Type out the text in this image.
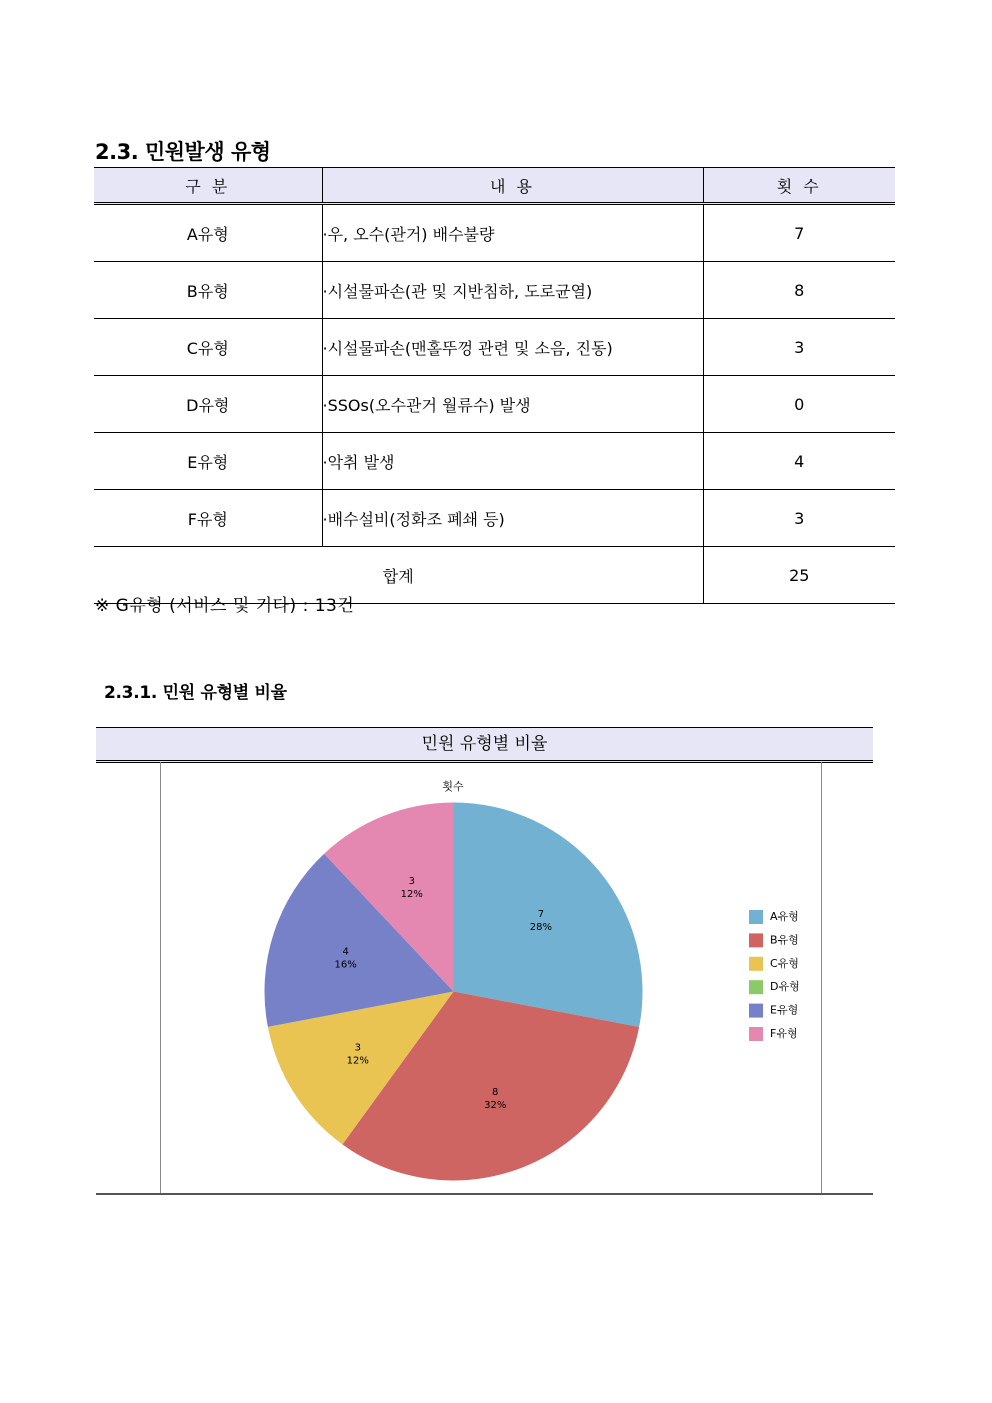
2.3. 민원발생 유형
구 분	내 용	횟 수
A유형	·우, 오수(관거) 배수불량	7
B유형	·시설물파손(관 및 지반침하, 도로균열)	8
C유형	·시설물파손(맨홀뚜껑 관련 및 소음, 진동)	3
D유형	·SSOs(오수관거 월류수) 발생	0
E유형	·악취 발생	4
F유형	·배수설비(정화조 폐쇄 등)	3
합계		25
※ G유형 (서비스 및 기타) : 13건
2.3.1. 민원 유형별 비율
민원 유형별 비율
횟수
7
28%
8
32%
3
12%
4
16%
3
12%
A유형
B유형
C유형
D유형
E유형
F유형
